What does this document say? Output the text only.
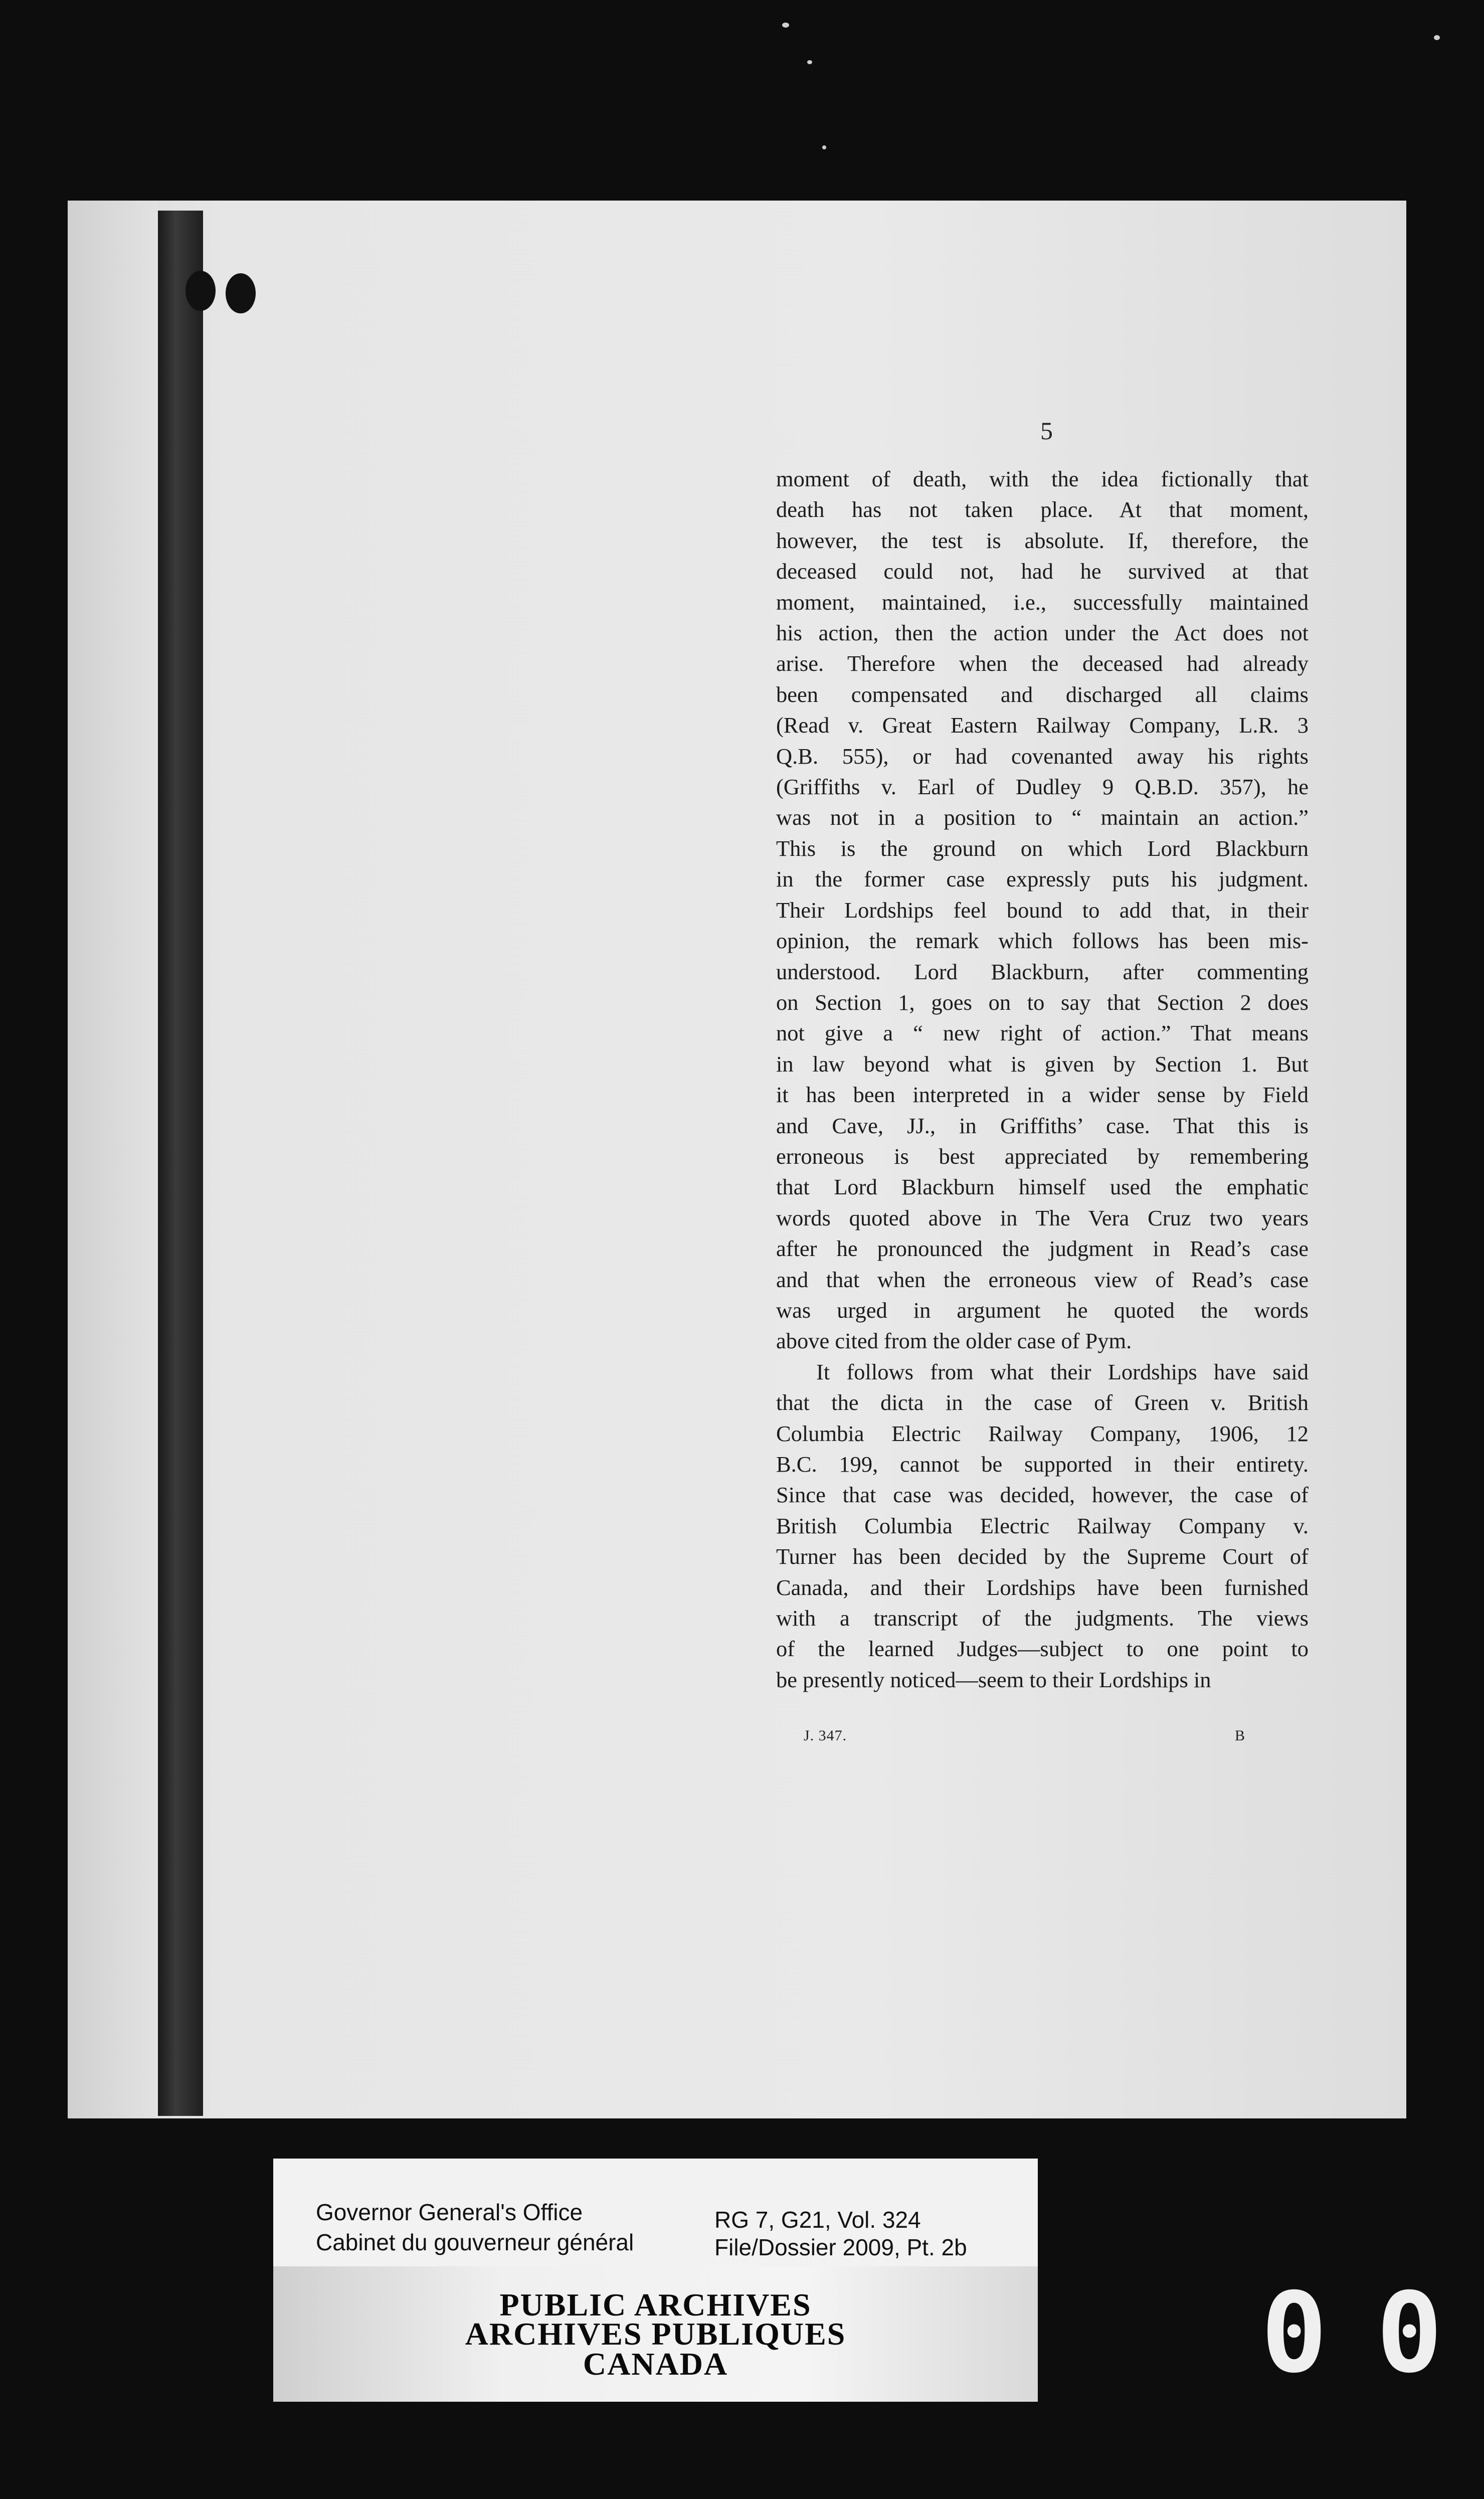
5
moment of death, with the idea fictionally that
death has not taken place. At that moment,
however, the test is absolute. If, therefore, the
deceased could not, had he survived at that
moment, maintained, i.e., successfully maintained
his action, then the action under the Act does not
arise. Therefore when the deceased had already
been compensated and discharged all claims
(Read v. Great Eastern Railway Company, L.R. 3
Q.B. 555), or had covenanted away his rights
(Griffiths v. Earl of Dudley 9 Q.B.D. 357), he
was not in a position to “ maintain an action.”
This is the ground on which Lord Blackburn
in the former case expressly puts his judgment.
Their Lordships feel bound to add that, in their
opinion, the remark which follows has been mis-
understood. Lord Blackburn, after commenting
on Section 1, goes on to say that Section 2 does
not give a “ new right of action.” That means
in law beyond what is given by Section 1. But
it has been interpreted in a wider sense by Field
and Cave, JJ., in Griffiths’ case. That this is
erroneous is best appreciated by remembering
that Lord Blackburn himself used the emphatic
words quoted above in The Vera Cruz two years
after he pronounced the judgment in Read’s case
and that when the erroneous view of Read’s case
was urged in argument he quoted the words
above cited from the older case of Pym.
It follows from what their Lordships have said
that the dicta in the case of Green v. British
Columbia Electric Railway Company, 1906, 12
B.C. 199, cannot be supported in their entirety.
Since that case was decided, however, the case of
British Columbia Electric Railway Company v.
Turner has been decided by the Supreme Court of
Canada, and their Lordships have been furnished
with a transcript of the judgments. The views
of the learned Judges—subject to one point to
be presently noticed—seem to their Lordships in
J. 347.	B
Governor General's Office
Cabinet du gouverneur général
RG 7, G21, Vol. 324
File/Dossier 2009, Pt. 2b
PUBLIC ARCHIVES
ARCHIVES PUBLIQUES
CANADA	0 0
